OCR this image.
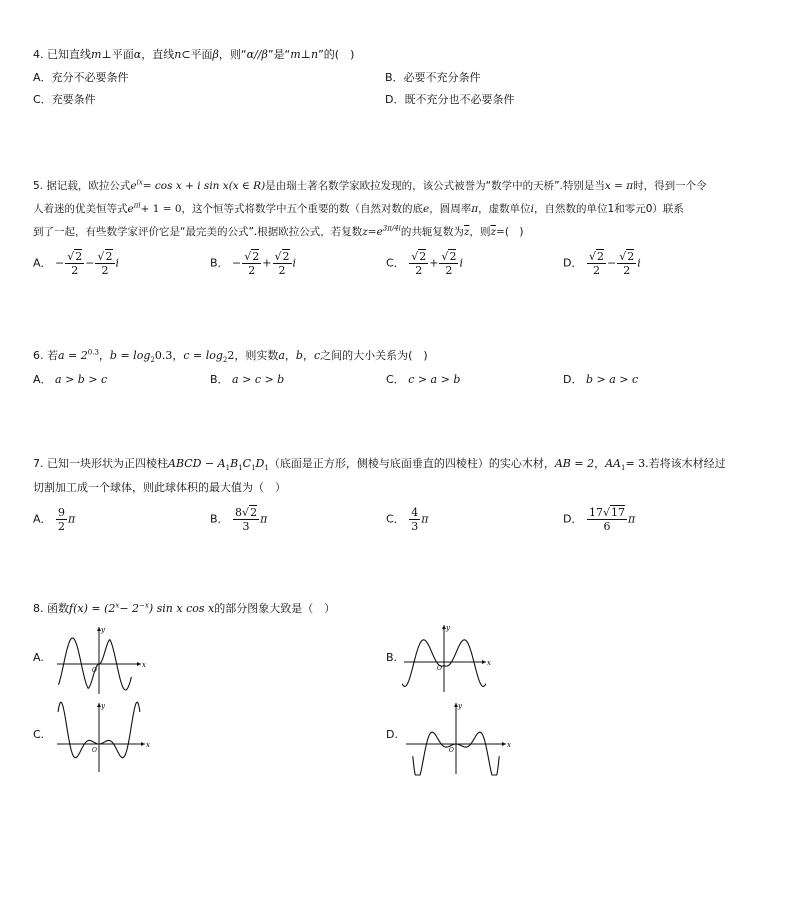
4. 已知直线m⊥平面α，直线n⊂平面β，则“α//β”是“m⊥n”的(　)
A．充分不必要条件	B．必要不充分条件
C．充要条件	D．既不充分也不必要条件
5. 据记载，欧拉公式$e^{ix}= \cos x + i$ sin x(x ∈ R)是由瑞士著名数学家欧拉发现的，该公式被誉为“数学中的天桥”.特别是当x = π时，得到一个令
人着迷的优美恒等式$e^{\pi i}+ 1 = 0$，这个恒等式将数学中五个重要的数（自然对数的底e，圆周率π，虚数单位i，自然数的单位1和零元0）联系
到了一起，有些数学家评价它是“最完美的公式”.根据欧拉公式，若复数$z=e^{3\pi/4i}$的共轭复数为$\overline{z}$，则$\overline{z}=$(　)
A． − $\frac{√2}{2} - \frac{√2}{2}$ i	B． − $\frac{√2}{2} + \frac{√2}{2}$ i	C． $\frac{√2}{2} + \frac{√2}{2}$ i	D． $\frac{√2}{2} - \frac{√2}{2}$ i
6. 若$a = 2^{0.3}$，$b = \log_20.3$，$c = \log_22$，则实数a，b，c之间的大小关系为(　)
A． a > b > c	B． a > c > b	C． c > a > b	D． b > a > c
7. 已知一块形状为正四棱柱ABCD − $A_1B_1C_1D_1$（底面是正方形，侧棱与底面垂直的四棱柱）的实心木材，AB = 2，$AA_1= 3$.若将该木材经过
切割加工成一个球体，则此球体积的最大值为（　）
A． $\frac{9}{2}$ π	B． $\frac{8√2}{3}$ π	C． $\frac{4}{3}$ π	D． $\frac{17√17}{6}$ π
8. 函数$f(x) = (2^x- 2^{-x})$ sin x cos x的部分图象大致是（　）
A.
x
y
O
B.	x
y
O
C.
x
y
O
D.
x
y
O
